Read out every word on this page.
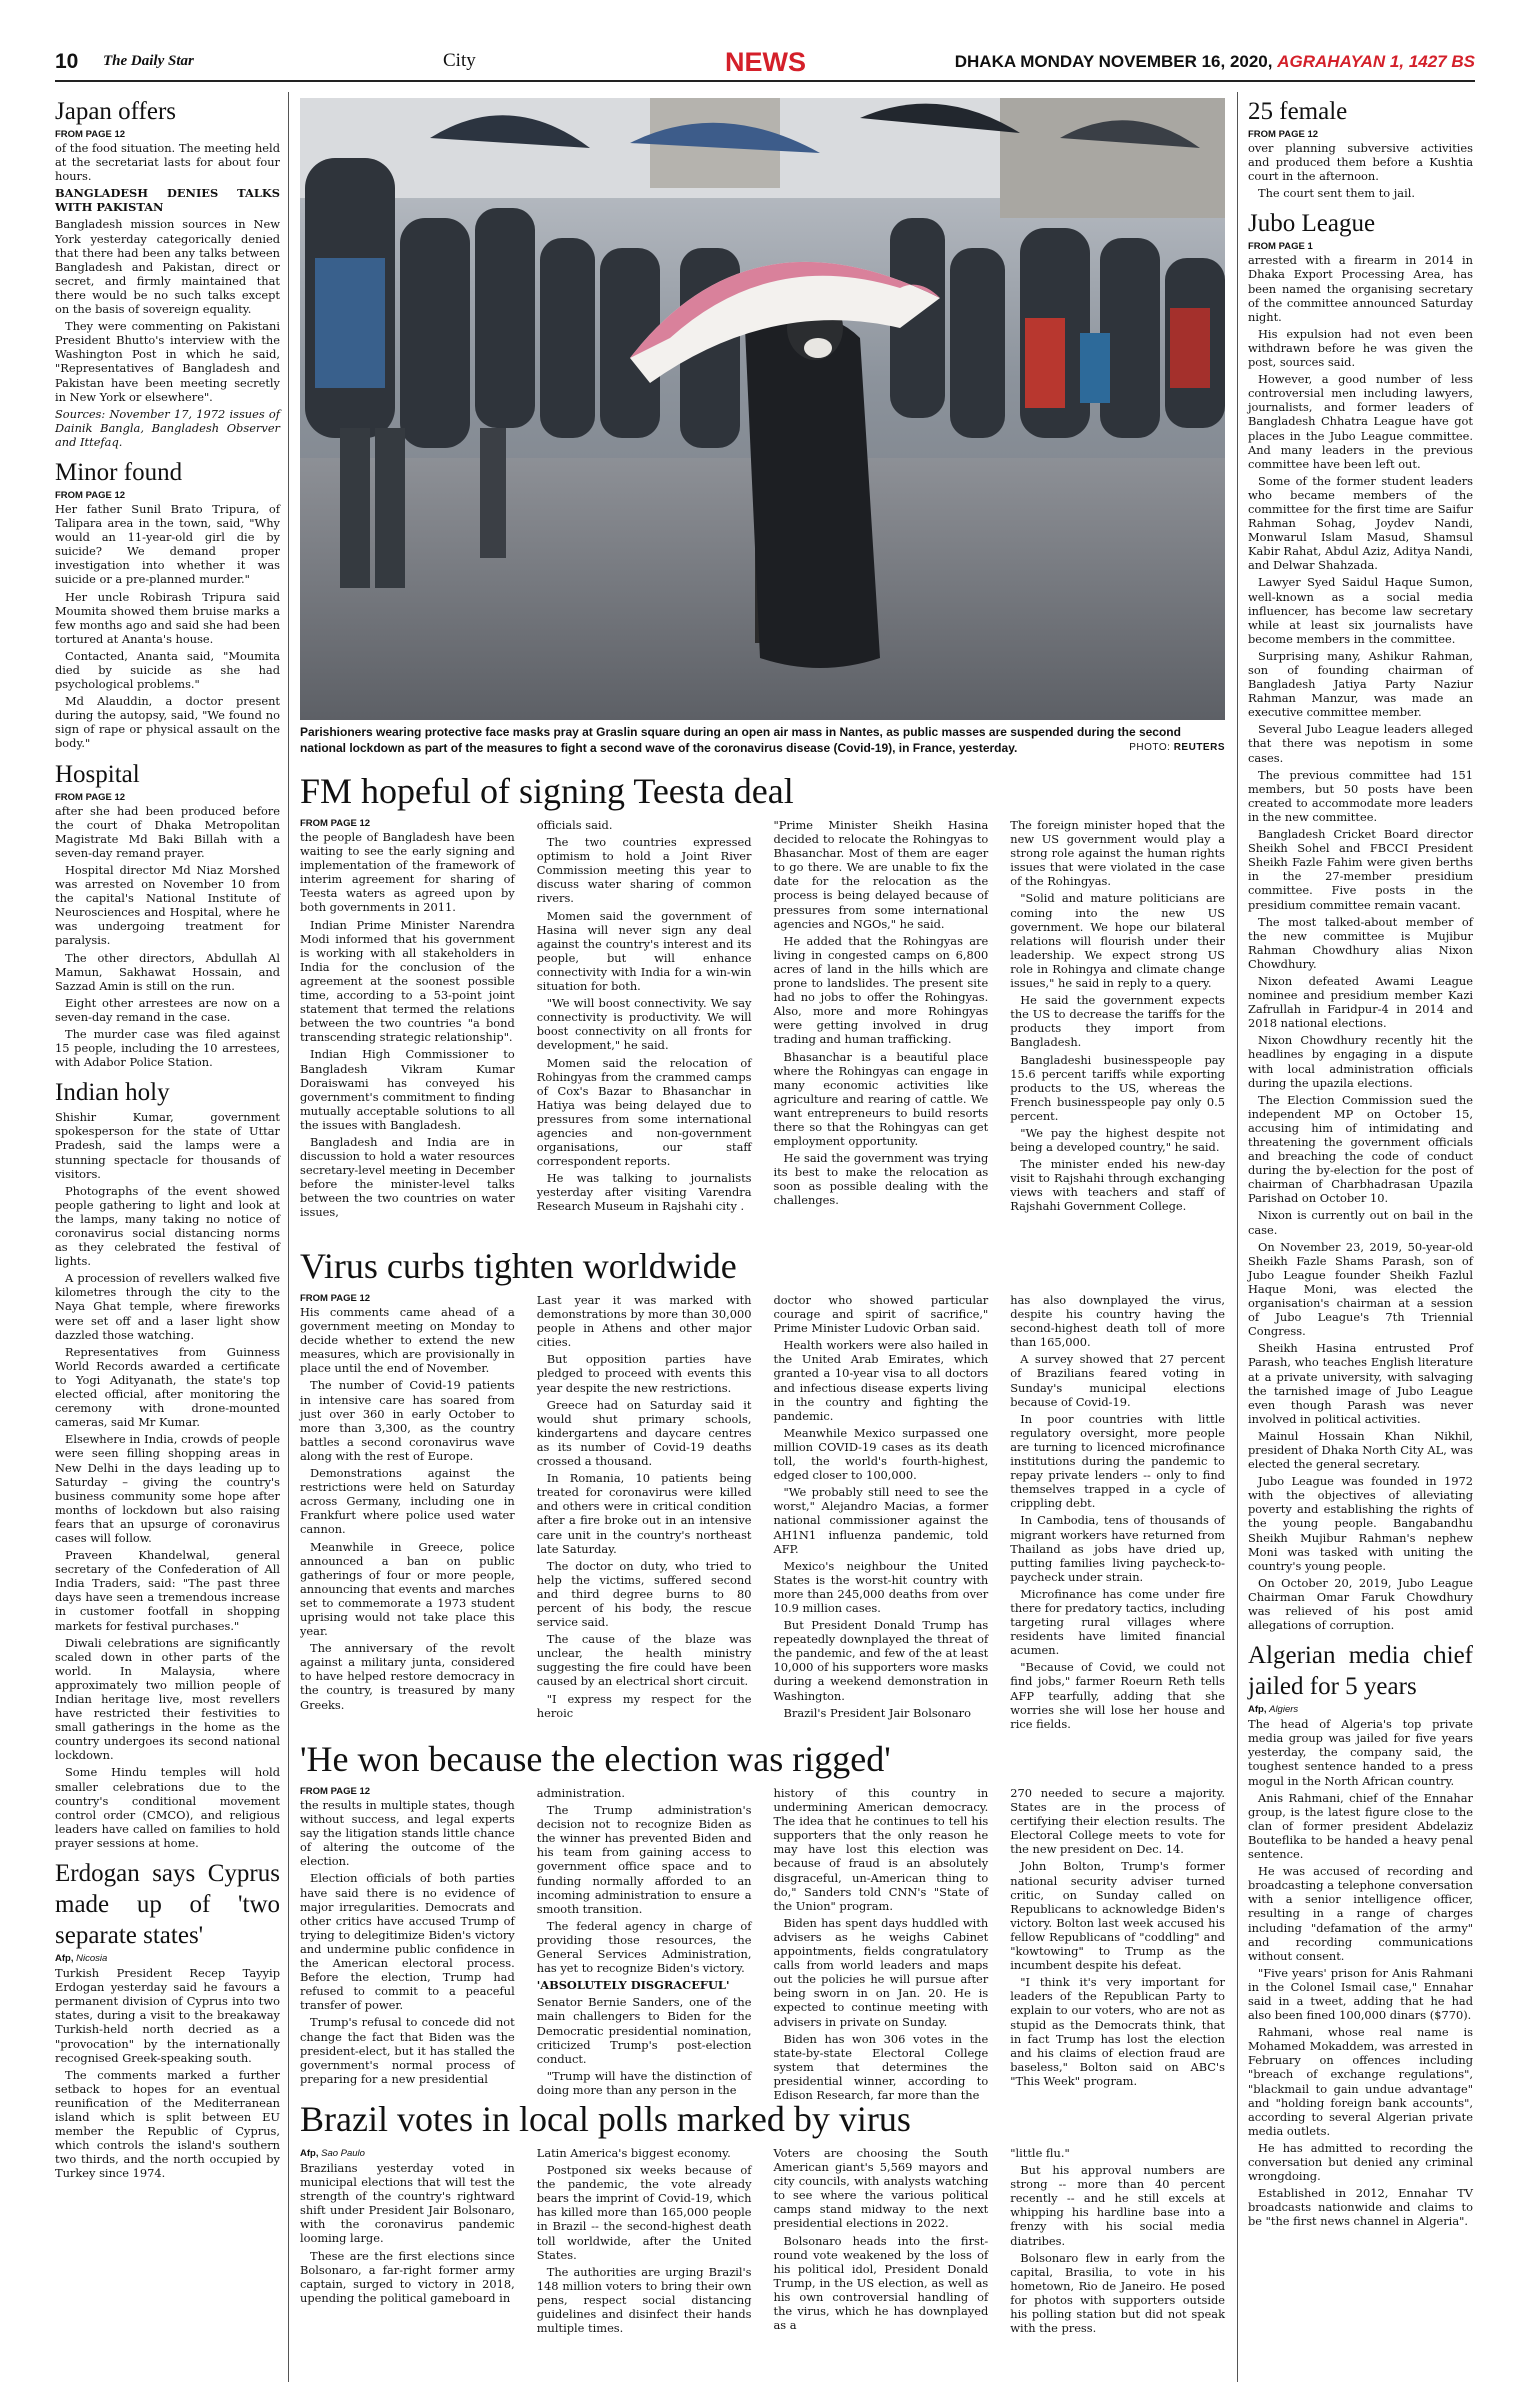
10 The Daily Star	City	NEWS	DHAKA MONDAY NOVEMBER 16, 2020, AGRAHAYAN 1, 1427 BS
Japan offers
FROM PAGE 12

of the food situation. The meeting held at the secretariat lasts for about four hours.

BANGLADESH DENIES TALKS WITH PAKISTAN

Bangladesh mission sources in New York yesterday categorically denied that there had been any talks between Bangladesh and Pakistan, direct or secret, and firmly maintained that there would be no such talks except on the basis of sovereign equality.

They were commenting on Pakistani President Bhutto's interview with the Washington Post in which he said, "Representatives of Bangladesh and Pakistan have been meeting secretly in New York or elsewhere".

Sources: November 17, 1972 issues of Dainik Bangla, Bangladesh Observer and Ittefaq.

Minor found
FROM PAGE 12

Her father Sunil Brato Tripura, of Talipara area in the town, said, "Why would an 11-year-old girl die by suicide? We demand proper investigation into whether it was suicide or a pre-planned murder."

Her uncle Robirash Tripura said Moumita showed them bruise marks a few months ago and said she had been tortured at Ananta's house.

Contacted, Ananta said, "Moumita died by suicide as she had psychological problems."

Md Alauddin, a doctor present during the autopsy, said, "We found no sign of rape or physical assault on the body."

Hospital
FROM PAGE 12

after she had been produced before the court of Dhaka Metropolitan Magistrate Md Baki Billah with a seven-day remand prayer.

Hospital director Md Niaz Morshed was arrested on November 10 from the capital's National Institute of Neurosciences and Hospital, where he was undergoing treatment for paralysis.

The other directors, Abdullah Al Mamun, Sakhawat Hossain, and Sazzad Amin is still on the run.

Eight other arrestees are now on a seven-day remand in the case.

The murder case was filed against 15 people, including the 10 arrestees, with Adabor Police Station.

Indian holy

Shishir Kumar, government spokesperson for the state of Uttar Pradesh, said the lamps were a stunning spectacle for thousands of visitors.

Photographs of the event showed people gathering to light and look at the lamps, many taking no notice of coronavirus social distancing norms as they celebrated the festival of lights.

A procession of revellers walked five kilometres through the city to the Naya Ghat temple, where fireworks were set off and a laser light show dazzled those watching.

Representatives from Guinness World Records awarded a certificate to Yogi Adityanath, the state's top elected official, after monitoring the ceremony with drone-mounted cameras, said Mr Kumar.

Elsewhere in India, crowds of people were seen filling shopping areas in New Delhi in the days leading up to Saturday – giving the country's business community some hope after months of lockdown but also raising fears that an upsurge of coronavirus cases will follow.

Praveen Khandelwal, general secretary of the Confederation of All India Traders, said: "The past three days have seen a tremendous increase in customer footfall in shopping markets for festival purchases."

Diwali celebrations are significantly scaled down in other parts of the world. In Malaysia, where approximately two million people of Indian heritage live, most revellers have restricted their festivities to small gatherings in the home as the country undergoes its second national lockdown.

Some Hindu temples will hold smaller celebrations due to the country's conditional movement control order (CMCO), and religious leaders have called on families to hold prayer sessions at home.

Erdogan says Cyprus made up of 'two separate states'
Afp, Nicosia

Turkish President Recep Tayyip Erdogan yesterday said he favours a permanent division of Cyprus into two states, during a visit to the breakaway Turkish-held north decried as a "provocation" by the internationally recognised Greek-speaking south.

The comments marked a further setback to hopes for an eventual reunification of the Mediterranean island which is split between EU member the Republic of Cyprus, which controls the island's southern two thirds, and the north occupied by Turkey since 1974.

Parishioners wearing protective face masks pray at Graslin square during an open air mass in Nantes, as public masses are suspended during the second national lockdown as part of the measures to fight a second wave of the coronavirus disease (Covid-19), in France, yesterday.	PHOTO: REUTERS
FM hopeful of signing Teesta deal
FROM PAGE 12

the people of Bangladesh have been waiting to see the early signing and implementation of the framework of interim agreement for sharing of Teesta waters as agreed upon by both governments in 2011.

Indian Prime Minister Narendra Modi informed that his government is working with all stakeholders in India for the conclusion of the agreement at the soonest possible time, according to a 53-point joint statement that termed the relations between the two countries "a bond transcending strategic relationship".

Indian High Commissioner to Bangladesh Vikram Kumar Doraiswami has conveyed his government's commitment to finding mutually acceptable solutions to all the issues with Bangladesh.

Bangladesh and India are in discussion to hold a water resources secretary-level meeting in December before the minister-level talks between the two countries on water issues,

officials said.

The two countries expressed optimism to hold a Joint River Commission meeting this year to discuss water sharing of common rivers.

Momen said the government of Hasina will never sign any deal against the country's interest and its people, but will enhance connectivity with India for a win-win situation for both.

"We will boost connectivity. We say connectivity is productivity. We will boost connectivity on all fronts for development," he said.

Momen said the relocation of Rohingyas from the crammed camps of Cox's Bazar to Bhasanchar in Hatiya was being delayed due to pressures from some international agencies and non-government organisations, our staff correspondent reports.

He was talking to journalists yesterday after visiting Varendra Research Museum in Rajshahi city .

"Prime Minister Sheikh Hasina decided to relocate the Rohingyas to Bhasanchar. Most of them are eager to go there. We are unable to fix the date for the relocation as the process is being delayed because of pressures from some international agencies and NGOs," he said.

He added that the Rohingyas are living in congested camps on 6,800 acres of land in the hills which are prone to landslides. The present site had no jobs to offer the Rohingyas. Also, more and more Rohingyas were getting involved in drug trading and human trafficking.

Bhasanchar is a beautiful place where the Rohingyas can engage in many economic activities like agriculture and rearing of cattle. We want entrepreneurs to build resorts there so that the Rohingyas can get employment opportunity.

He said the government was trying its best to make the relocation as soon as possible dealing with the challenges.

The foreign minister hoped that the new US government would play a strong role against the human rights issues that were violated in the case of the Rohingyas.

"Solid and mature politicians are coming into the new US government. We hope our bilateral relations will flourish under their leadership. We expect strong US role in Rohingya and climate change issues," he said in reply to a query.

He said the government expects the US to decrease the tariffs for the products they import from Bangladesh.

Bangladeshi businesspeople pay 15.6 percent tariffs while exporting products to the US, whereas the French businesspeople pay only 0.5 percent.

"We pay the highest despite not being a developed country," he said.

The minister ended his new-day visit to Rajshahi through exchanging views with teachers and staff of Rajshahi Government College.

Virus curbs tighten worldwide
FROM PAGE 12

His comments came ahead of a government meeting on Monday to decide whether to extend the new measures, which are provisionally in place until the end of November.

The number of Covid-19 patients in intensive care has soared from just over 360 in early October to more than 3,300, as the country battles a second coronavirus wave along with the rest of Europe.

Demonstrations against the restrictions were held on Saturday across Germany, including one in Frankfurt where police used water cannon.

Meanwhile in Greece, police announced a ban on public gatherings of four or more people, announcing that events and marches set to commemorate a 1973 student uprising would not take place this year.

The anniversary of the revolt against a military junta, considered to have helped restore democracy in the country, is treasured by many Greeks.

Last year it was marked with demonstrations by more than 30,000 people in Athens and other major cities.

But opposition parties have pledged to proceed with events this year despite the new restrictions.

Greece had on Saturday said it would shut primary schools, kindergartens and daycare centres as its number of Covid-19 deaths crossed a thousand.

In Romania, 10 patients being treated for coronavirus were killed and others were in critical condition after a fire broke out in an intensive care unit in the country's northeast late Saturday.

The doctor on duty, who tried to help the victims, suffered second and third degree burns to 80 percent of his body, the rescue service said.

The cause of the blaze was unclear, the health ministry suggesting the fire could have been caused by an electrical short circuit.

"I express my respect for the heroic

doctor who showed particular courage and spirit of sacrifice," Prime Minister Ludovic Orban said.

Health workers were also hailed in the United Arab Emirates, which granted a 10-year visa to all doctors and infectious disease experts living in the country and fighting the pandemic.

Meanwhile Mexico surpassed one million COVID-19 cases as its death toll, the world's fourth-highest, edged closer to 100,000.

"We probably still need to see the worst," Alejandro Macias, a former national commissioner against the AH1N1 influenza pandemic, told AFP.

Mexico's neighbour the United States is the worst-hit country with more than 245,000 deaths from over 10.9 million cases.

But President Donald Trump has repeatedly downplayed the threat of the pandemic, and few of the at least 10,000 of his supporters wore masks during a weekend demonstration in Washington.

Brazil's President Jair Bolsonaro

has also downplayed the virus, despite his country having the second-highest death toll of more than 165,000.

A survey showed that 27 percent of Brazilians feared voting in Sunday's municipal elections because of Covid-19.

In poor countries with little regulatory oversight, more people are turning to licenced microfinance institutions during the pandemic to repay private lenders -- only to find themselves trapped in a cycle of crippling debt.

In Cambodia, tens of thousands of migrant workers have returned from Thailand as jobs have dried up, putting families living paycheck-to-paycheck under strain.

Microfinance has come under fire there for predatory tactics, including targeting rural villages where residents have limited financial acumen.

"Because of Covid, we could not find jobs," farmer Roeurn Reth tells AFP tearfully, adding that she worries she will lose her house and rice fields.

'He won because the election was rigged'
FROM PAGE 12

the results in multiple states, though without success, and legal experts say the litigation stands little chance of altering the outcome of the election.

Election officials of both parties have said there is no evidence of major irregularities. Democrats and other critics have accused Trump of trying to delegitimize Biden's victory and undermine public confidence in the American electoral process. Before the election, Trump had refused to commit to a peaceful transfer of power.

Trump's refusal to concede did not change the fact that Biden was the president-elect, but it has stalled the government's normal process of preparing for a new presidential

administration.

The Trump administration's decision not to recognize Biden as the winner has prevented Biden and his team from gaining access to government office space and to funding normally afforded to an incoming administration to ensure a smooth transition.

The federal agency in charge of providing those resources, the General Services Administration, has yet to recognize Biden's victory.

'ABSOLUTELY DISGRACEFUL'

Senator Bernie Sanders, one of the main challengers to Biden for the Democratic presidential nomination, criticized Trump's post-election conduct.

"Trump will have the distinction of doing more than any person in the

history of this country in undermining American democracy. The idea that he continues to tell his supporters that the only reason he may have lost this election was because of fraud is an absolutely disgraceful, un-American thing to do," Sanders told CNN's "State of the Union" program.

Biden has spent days huddled with advisers as he weighs Cabinet appointments, fields congratulatory calls from world leaders and maps out the policies he will pursue after being sworn in on Jan. 20. He is expected to continue meeting with advisers in private on Sunday.

Biden has won 306 votes in the state-by-state Electoral College system that determines the presidential winner, according to Edison Research, far more than the

270 needed to secure a majority. States are in the process of certifying their election results. The Electoral College meets to vote for the new president on Dec. 14.

John Bolton, Trump's former national security adviser turned critic, on Sunday called on Republicans to acknowledge Biden's victory. Bolton last week accused his fellow Republicans of "coddling" and "kowtowing" to Trump as the incumbent despite his defeat.

"I think it's very important for leaders of the Republican Party to explain to our voters, who are not as stupid as the Democrats think, that in fact Trump has lost the election and his claims of election fraud are baseless," Bolton said on ABC's "This Week" program.

Brazil votes in local polls marked by virus
Afp, Sao Paulo

Brazilians yesterday voted in municipal elections that will test the strength of the country's rightward shift under President Jair Bolsonaro, with the coronavirus pandemic looming large.

These are the first elections since Bolsonaro, a far-right former army captain, surged to victory in 2018, upending the political gameboard in

Latin America's biggest economy.

Postponed six weeks because of the pandemic, the vote already bears the imprint of Covid-19, which has killed more than 165,000 people in Brazil -- the second-highest death toll worldwide, after the United States.

The authorities are urging Brazil's 148 million voters to bring their own pens, respect social distancing guidelines and disinfect their hands multiple times.

Voters are choosing the South American giant's 5,569 mayors and city councils, with analysts watching to see where the various political camps stand midway to the next presidential elections in 2022.

Bolsonaro heads into the first-round vote weakened by the loss of his political idol, President Donald Trump, in the US election, as well as his own controversial handling of the virus, which he has downplayed as a

"little flu."

But his approval numbers are strong -- more than 40 percent recently -- and he still excels at whipping his hardline base into a frenzy with his social media diatribes.

Bolsonaro flew in early from the capital, Brasilia, to vote in his hometown, Rio de Janeiro. He posed for photos with supporters outside his polling station but did not speak with the press.

25 female
FROM PAGE 12

over planning subversive activities and produced them before a Kushtia court in the afternoon.

The court sent them to jail.

Jubo League
FROM PAGE 1

arrested with a firearm in 2014 in Dhaka Export Processing Area, has been named the organising secretary of the committee announced Saturday night.

His expulsion had not even been withdrawn before he was given the post, sources said.

However, a good number of less controversial men including lawyers, journalists, and former leaders of Bangladesh Chhatra League have got places in the Jubo League committee. And many leaders in the previous committee have been left out.

Some of the former student leaders who became members of the committee for the first time are Saifur Rahman Sohag, Joydev Nandi, Monwarul Islam Masud, Shamsul Kabir Rahat, Abdul Aziz, Aditya Nandi, and Delwar Shahzada.

Lawyer Syed Saidul Haque Sumon, well-known as a social media influencer, has become law secretary while at least six journalists have become members in the committee.

Surprising many, Ashikur Rahman, son of founding chairman of Bangladesh Jatiya Party Naziur Rahman Manzur, was made an executive committee member.

Several Jubo League leaders alleged that there was nepotism in some cases.

The previous committee had 151 members, but 50 posts have been created to accommodate more leaders in the new committee.

Bangladesh Cricket Board director Sheikh Sohel and FBCCI President Sheikh Fazle Fahim were given berths in the 27-member presidium committee. Five posts in the presidium committee remain vacant.

The most talked-about member of the new committee is Mujibur Rahman Chowdhury alias Nixon Chowdhury.

Nixon defeated Awami League nominee and presidium member Kazi Zafrullah in Faridpur-4 in 2014 and 2018 national elections.

Nixon Chowdhury recently hit the headlines by engaging in a dispute with local administration officials during the upazila elections.

The Election Commission sued the independent MP on October 15, accusing him of intimidating and threatening the government officials and breaching the code of conduct during the by-election for the post of chairman of Charbhadrasan Upazila Parishad on October 10.

Nixon is currently out on bail in the case.

On November 23, 2019, 50-year-old Sheikh Fazle Shams Parash, son of Jubo League founder Sheikh Fazlul Haque Moni, was elected the organisation's chairman at a session of Jubo League's 7th Triennial Congress.

Sheikh Hasina entrusted Prof Parash, who teaches English literature at a private university, with salvaging the tarnished image of Jubo League even though Parash was never involved in political activities.

Mainul Hossain Khan Nikhil, president of Dhaka North City AL, was elected the general secretary.

Jubo League was founded in 1972 with the objectives of alleviating poverty and establishing the rights of the young people. Bangabandhu Sheikh Mujibur Rahman's nephew Moni was tasked with uniting the country's young people.

On October 20, 2019, Jubo League Chairman Omar Faruk Chowdhury was relieved of his post amid allegations of corruption.

Algerian media chief jailed for 5 years
Afp, Algiers

The head of Algeria's top private media group was jailed for five years yesterday, the company said, the toughest sentence handed to a press mogul in the North African country.

Anis Rahmani, chief of the Ennahar group, is the latest figure close to the clan of former president Abdelaziz Bouteflika to be handed a heavy penal sentence.

He was accused of recording and broadcasting a telephone conversation with a senior intelligence officer, resulting in a range of charges including "defamation of the army" and recording communications without consent.

"Five years' prison for Anis Rahmani in the Colonel Ismail case," Ennahar said in a tweet, adding that he had also been fined 100,000 dinars ($770).

Rahmani, whose real name is Mohamed Mokaddem, was arrested in February on offences including "breach of exchange regulations", "blackmail to gain undue advantage" and "holding foreign bank accounts", according to several Algerian private media outlets.

He has admitted to recording the conversation but denied any criminal wrongdoing.

Established in 2012, Ennahar TV broadcasts nationwide and claims to be "the first news channel in Algeria".
